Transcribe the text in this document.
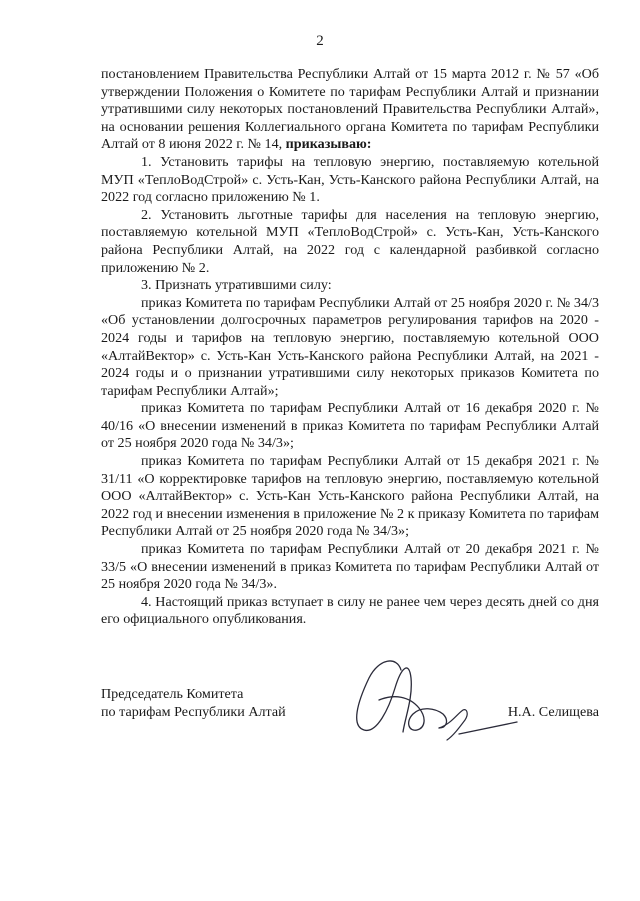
2

постановлением Правительства Республики Алтай от 15 марта 2012 г. № 57 «Об утверждении Положения о Комитете по тарифам Республики Алтай и признании утратившими силу некоторых постановлений Правительства Республики Алтай», на основании решения Коллегиального органа Комитета по тарифам Республики Алтай от 8 июня 2022 г. № 14, приказываю:

1. Установить тарифы на тепловую энергию, поставляемую котельной МУП «ТеплоВодСтрой» с. Усть-Кан, Усть-Канского района Республики Алтай, на 2022 год согласно приложению № 1.

2. Установить льготные тарифы для населения на тепловую энергию, поставляемую котельной МУП «ТеплоВодСтрой» с. Усть-Кан, Усть-Канского района Республики Алтай, на 2022 год с календарной разбивкой согласно приложению № 2.

3. Признать утратившими силу:

приказ Комитета по тарифам Республики Алтай от 25 ноября 2020 г. № 34/3 «Об установлении долгосрочных параметров регулирования тарифов на 2020 - 2024 годы и тарифов на тепловую энергию, поставляемую котельной ООО «АлтайВектор» с. Усть-Кан Усть-Канского района Республики Алтай, на 2021 - 2024 годы и о признании утратившими силу некоторых приказов Комитета по тарифам Республики Алтай»;

приказ Комитета по тарифам Республики Алтай от 16 декабря 2020 г. № 40/16 «О внесении изменений в приказ Комитета по тарифам Республики Алтай от 25 ноября 2020 года № 34/3»;

приказ Комитета по тарифам Республики Алтай от 15 декабря 2021 г. № 31/11 «О корректировке тарифов на тепловую энергию, поставляемую котельной ООО «АлтайВектор» с. Усть-Кан Усть-Канского района Республики Алтай, на 2022 год и внесении изменения в приложение № 2 к приказу Комитета по тарифам Республики Алтай от 25 ноября 2020 года № 34/3»;

приказ Комитета по тарифам Республики Алтай от 20 декабря 2021 г. № 33/5 «О внесении изменений в приказ Комитета по тарифам Республики Алтай от 25 ноября 2020 года № 34/3».

4. Настоящий приказ вступает в силу не ранее чем через десять дней со дня его официального опубликования.

Председатель Комитета
по тарифам Республики Алтай	Н.А. Селищева
